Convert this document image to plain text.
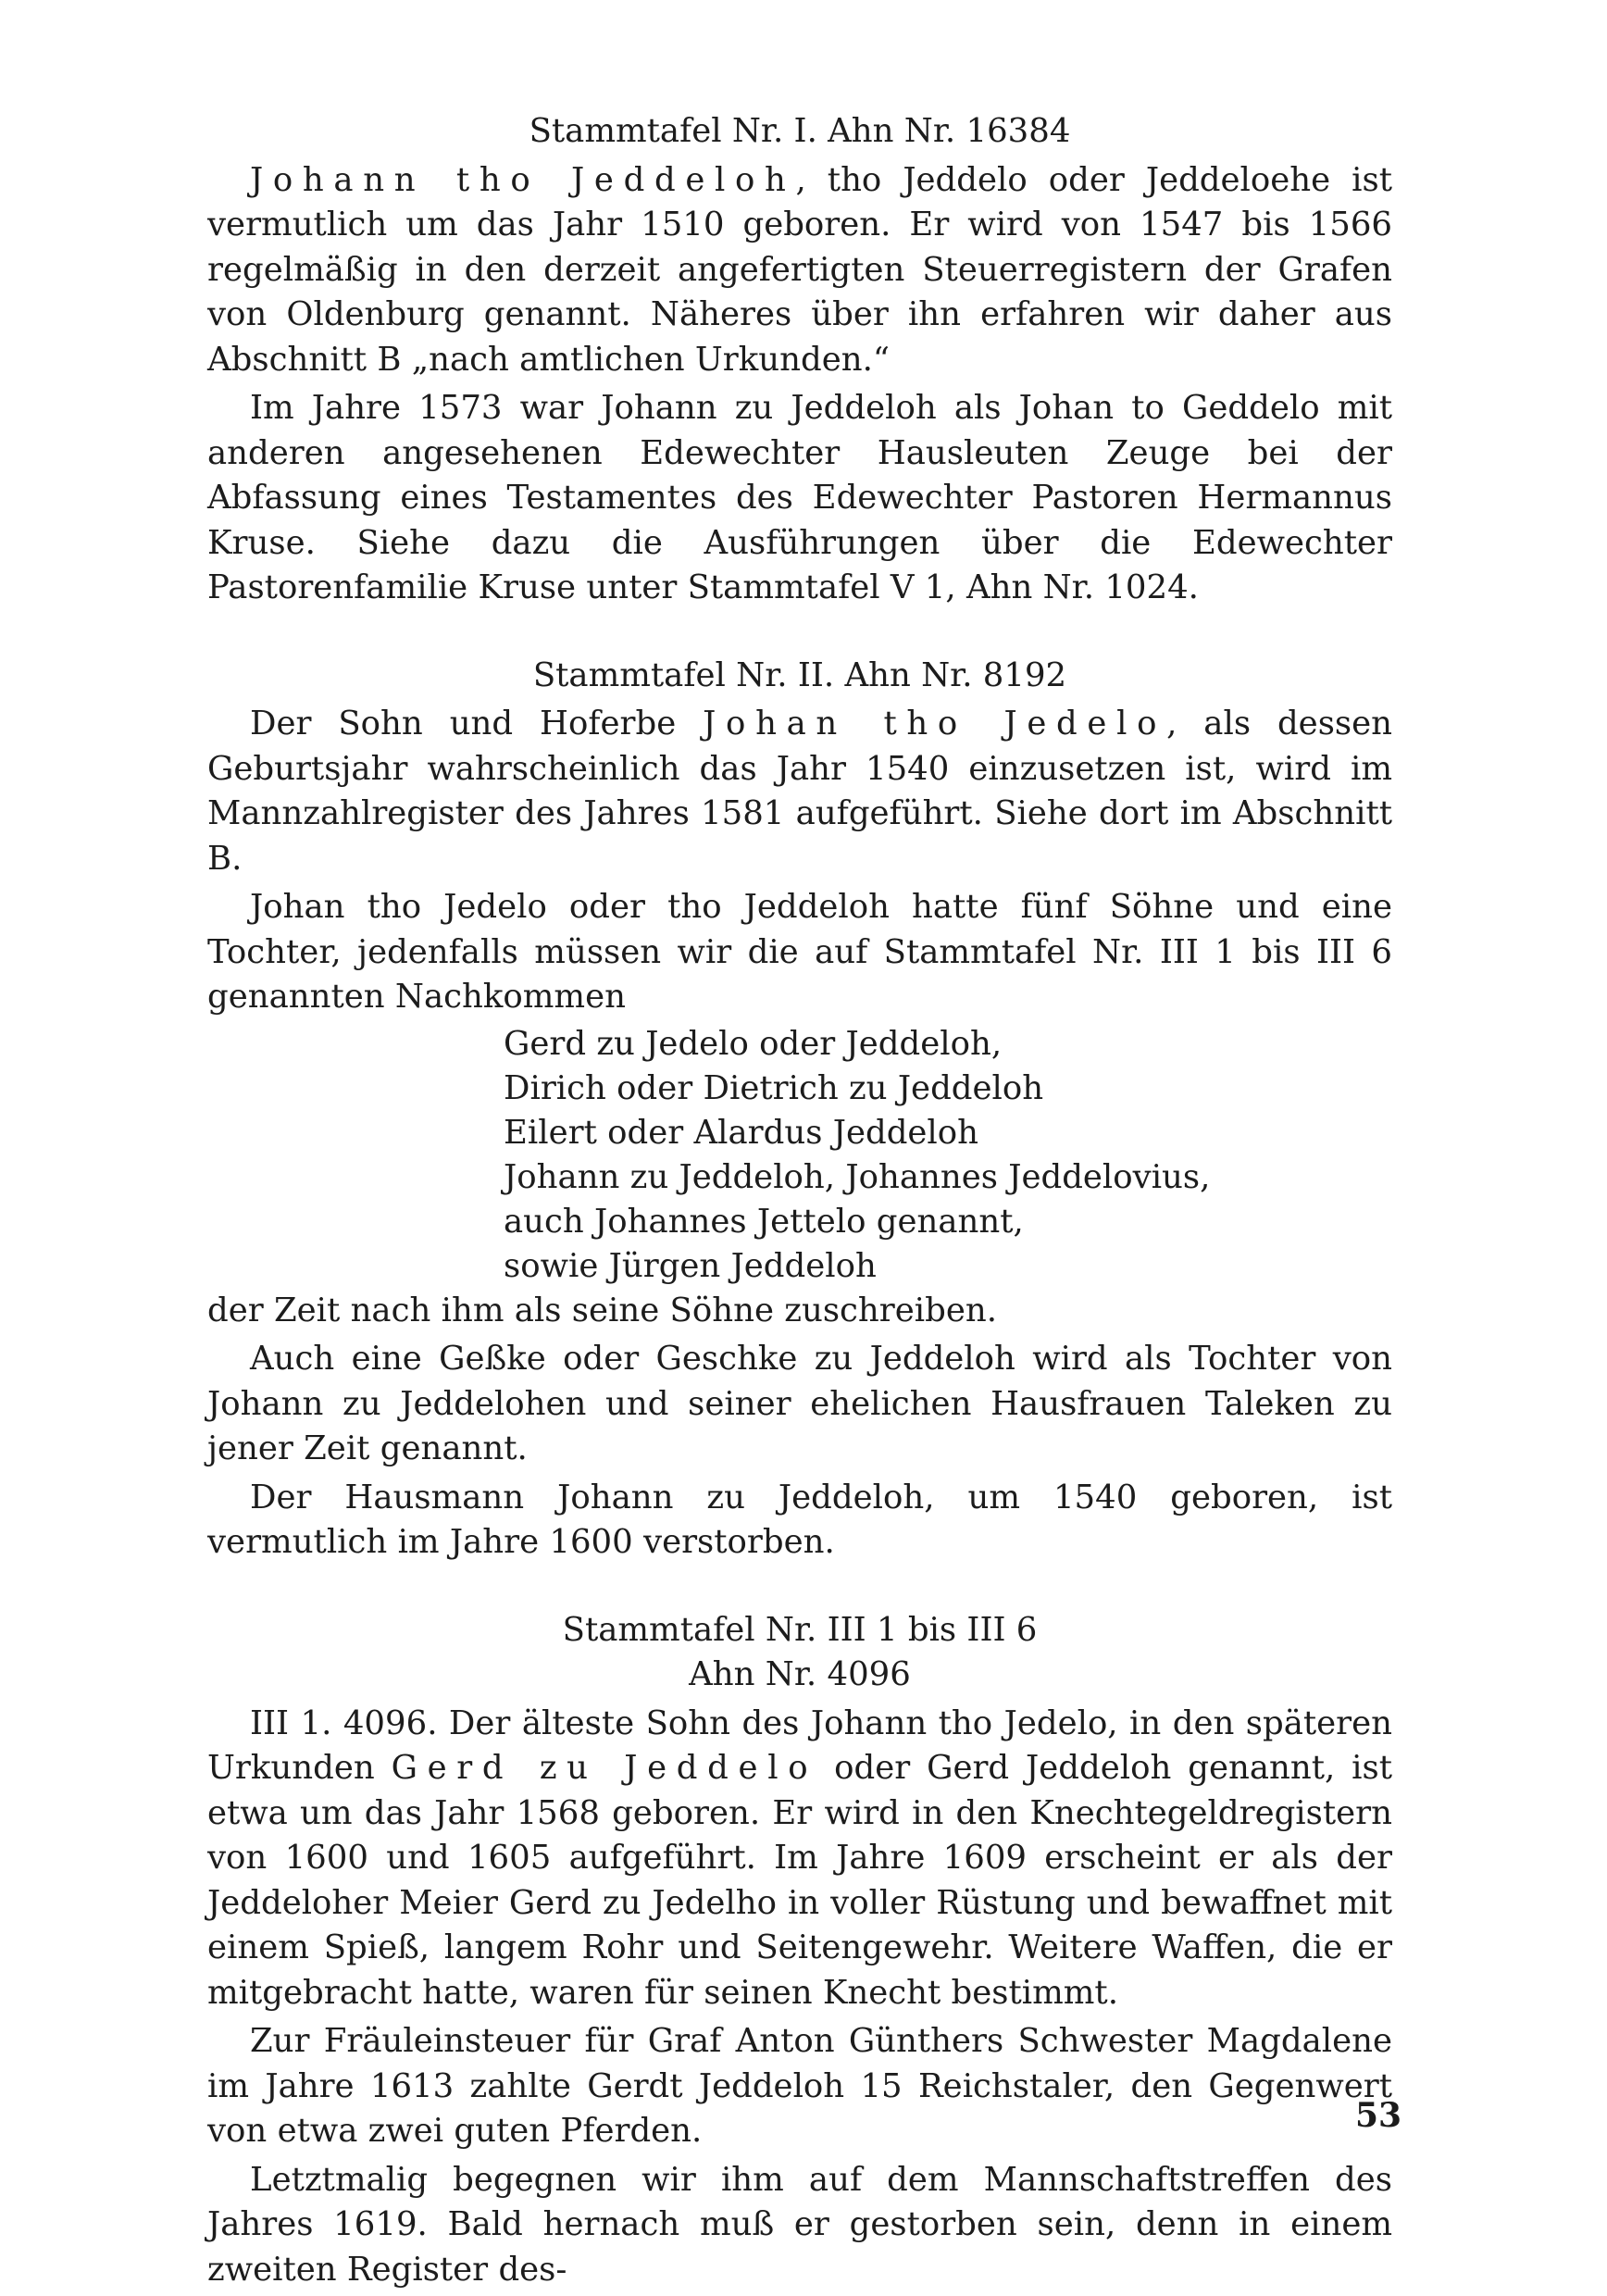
Stammtafel Nr. I. Ahn Nr. 16384

Johann tho Jeddeloh, tho Jeddelo oder Jeddeloehe ist vermutlich um das Jahr 1510 geboren. Er wird von 1547 bis 1566 regelmäßig in den derzeit angefertigten Steuerregistern der Grafen von Oldenburg genannt. Näheres über ihn erfahren wir daher aus Abschnitt B „nach amtlichen Urkunden.“

Im Jahre 1573 war Johann zu Jeddeloh als Johan to Geddelo mit anderen angesehenen Edewechter Hausleuten Zeuge bei der Abfassung eines Testamentes des Edewechter Pastoren Hermannus Kruse. Siehe dazu die Ausführungen über die Edewechter Pastorenfamilie Kruse unter Stammtafel V 1, Ahn Nr. 1024.

Stammtafel Nr. II. Ahn Nr. 8192

Der Sohn und Hoferbe Johan tho Jedelo, als dessen Geburtsjahr wahrscheinlich das Jahr 1540 einzusetzen ist, wird im Mannzahlregister des Jahres 1581 aufgeführt. Siehe dort im Abschnitt B.

Johan tho Jedelo oder tho Jeddeloh hatte fünf Söhne und eine Tochter, jedenfalls müssen wir die auf Stammtafel Nr. III 1 bis III 6 genannten Nachkommen

Gerd zu Jedelo oder Jeddeloh,
Dirich oder Dietrich zu Jeddeloh
Eilert oder Alardus Jeddeloh
Johann zu Jeddeloh, Johannes Jeddelovius,
auch Johannes Jettelo genannt,
sowie Jürgen Jeddeloh

der Zeit nach ihm als seine Söhne zuschreiben.

Auch eine Geßke oder Geschke zu Jeddeloh wird als Tochter von Johann zu Jeddelohen und seiner ehelichen Hausfrauen Taleken zu jener Zeit genannt.

Der Hausmann Johann zu Jeddeloh, um 1540 geboren, ist vermutlich im Jahre 1600 verstorben.

Stammtafel Nr. III 1 bis III 6

Ahn Nr. 4096

III 1. 4096. Der älteste Sohn des Johann tho Jedelo, in den späteren Urkunden Gerd zu Jeddelo oder Gerd Jeddeloh genannt, ist etwa um das Jahr 1568 geboren. Er wird in den Knechtegeldregistern von 1600 und 1605 aufgeführt. Im Jahre 1609 erscheint er als der Jeddeloher Meier Gerd zu Jedelho in voller Rüstung und bewaffnet mit einem Spieß, langem Rohr und Seitengewehr. Weitere Waffen, die er mitgebracht hatte, waren für seinen Knecht bestimmt.

Zur Fräuleinsteuer für Graf Anton Günthers Schwester Magdalene im Jahre 1613 zahlte Gerdt Jeddeloh 15 Reichstaler, den Gegenwert von etwa zwei guten Pferden.

Letztmalig begegnen wir ihm auf dem Mannschaftstreffen des Jahres 1619. Bald hernach muß er gestorben sein, denn in einem zweiten Register des-

53
